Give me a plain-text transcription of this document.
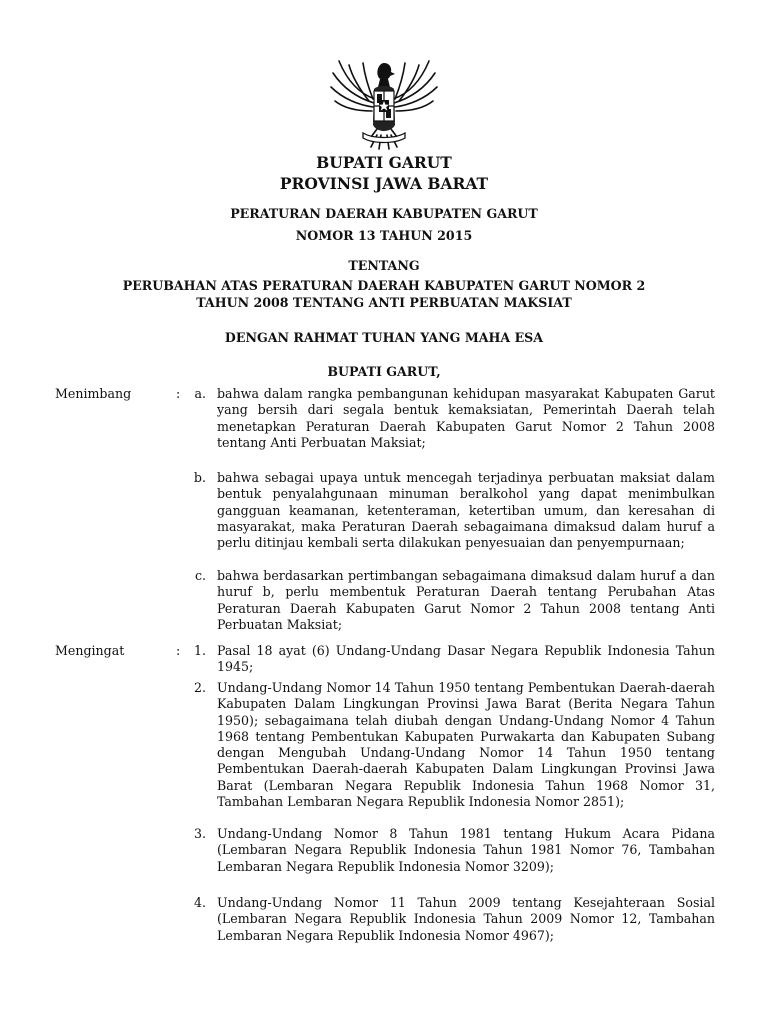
BUPATI GARUT
PROVINSI JAWA BARAT
PERATURAN DAERAH KABUPATEN GARUT
NOMOR 13 TAHUN 2015
TENTANG
PERUBAHAN ATAS PERATURAN DAERAH KABUPATEN GARUT NOMOR 2
TAHUN 2008 TENTANG ANTI PERBUATAN MAKSIAT
DENGAN RAHMAT TUHAN YANG MAHA ESA
BUPATI GARUT,
Menimbang	:	a. bahwa dalam rangka pembangunan kehidupan masyarakat Kabupaten Garut yang bersih dari segala bentuk kemaksiatan, Pemerintah Daerah telah menetapkan Peraturan Daerah Kabupaten Garut Nomor 2 Tahun 2008 tentang Anti Perbuatan Maksiat;
b. bahwa sebagai upaya untuk mencegah terjadinya perbuatan maksiat dalam bentuk penyalahgunaan minuman beralkohol yang dapat menimbulkan gangguan keamanan, ketenteraman, ketertiban umum, dan keresahan di masyarakat, maka Peraturan Daerah sebagaimana dimaksud dalam huruf a perlu ditinjau kembali serta dilakukan penyesuaian dan penyempurnaan;
c. bahwa berdasarkan pertimbangan sebagaimana dimaksud dalam huruf a dan huruf b, perlu membentuk Peraturan Daerah tentang Perubahan Atas Peraturan Daerah Kabupaten Garut Nomor 2 Tahun 2008 tentang Anti Perbuatan Maksiat;
Mengingat	:	1. Pasal 18 ayat (6) Undang-Undang Dasar Negara Republik Indonesia Tahun 1945;
2. Undang-Undang Nomor 14 Tahun 1950 tentang Pembentukan Daerah-daerah Kabupaten Dalam Lingkungan Provinsi Jawa Barat (Berita Negara Tahun 1950); sebagaimana telah diubah dengan Undang-Undang Nomor 4 Tahun 1968 tentang Pembentukan Kabupaten Purwakarta dan Kabupaten Subang dengan Mengubah Undang-Undang Nomor 14 Tahun 1950 tentang Pembentukan Daerah-daerah Kabupaten Dalam Lingkungan Provinsi Jawa Barat (Lembaran Negara Republik Indonesia Tahun 1968 Nomor 31, Tambahan Lembaran Negara Republik Indonesia Nomor 2851);
3. Undang-Undang Nomor 8 Tahun 1981 tentang Hukum Acara Pidana (Lembaran Negara Republik Indonesia Tahun 1981 Nomor 76, Tambahan Lembaran Negara Republik Indonesia Nomor 3209);
4. Undang-Undang Nomor 11 Tahun 2009 tentang Kesejahteraan Sosial (Lembaran Negara Republik Indonesia Tahun 2009 Nomor 12, Tambahan Lembaran Negara Republik Indonesia Nomor 4967);
